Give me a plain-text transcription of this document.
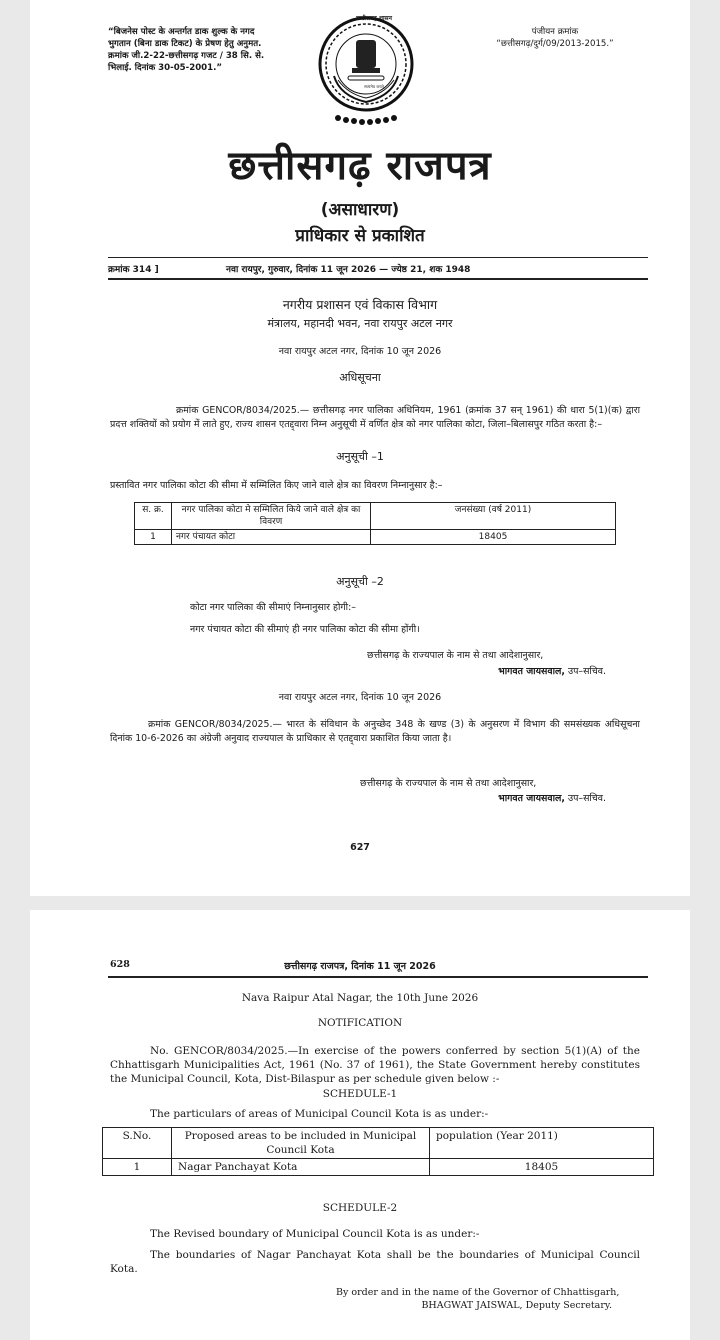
“बिजनेस पोस्ट के अन्तर्गत डाक शुल्क के नगद भुगतान (बिना डाक टिकट) के प्रेषण हेतु अनुमत. क्रमांक जी.2-22-छत्तीसगढ़ गजट / 38 सि. से. भिलाई. दिनांक 30-05-2001.”
पंजीयन क्रमांक
“छत्तीसगढ़/दुर्ग/09/2013-2015.”
छत्तीसगढ़ शासन
सत्यमेव जयते
छत्तीसगढ़ राजपत्र
(असाधारण)
प्राधिकार से प्रकाशित
क्रमांक 314 ]	नवा रायपुर, गुरुवार, दिनांक 11 जून 2026 — ज्येष्ठ 21, शक 1948
नगरीय प्रशासन एवं विकास विभाग
मंत्रालय, महानदी भवन, नवा रायपुर अटल नगर
नवा रायपुर अटल नगर, दिनांक 10 जून 2026
अधिसूचना
क्रमांक GENCOR/8034/2025.— छत्तीसगढ़ नगर पालिका अधिनियम, 1961 (क्रमांक 37 सन् 1961) की धारा 5(1)(क) द्वारा प्रदत्त शक्तियों को प्रयोग में लाते हुए, राज्य शासन एतद्द्वारा निम्न अनुसूची में वर्णित क्षेत्र को नगर पालिका कोटा, जिला–बिलासपुर गठित करता है:–
अनुसूची –1
प्रस्तावित नगर पालिका कोटा की सीमा में सम्मिलित किए जाने वाले क्षेत्र का विवरण निम्नानुसार है:–
स. क्र.	नगर पालिका कोटा मे सम्मिलित किये जाने वाले क्षेत्र का विवरण	जनसंख्या (वर्ष 2011)
1	नगर पंचायत कोटा	18405
अनुसूची –2
कोटा नगर पालिका की सीमाएं निम्नानुसार होगी:–
नगर पंचायत कोटा की सीमाएं ही नगर पालिका कोटा की सीमा होंगी।
छत्तीसगढ़ के राज्यपाल के नाम से तथा आदेशानुसार,
भागवत जायसवाल, उप–सचिव.
नवा रायपुर अटल नगर, दिनांक 10 जून 2026
क्रमांक GENCOR/8034/2025.— भारत के संविधान के अनुच्छेद 348 के खण्ड (3) के अनुसरण में विभाग की समसंख्यक अधिसूचना दिनांक 10-6-2026 का अंग्रेजी अनुवाद राज्यपाल के प्राधिकार से एतद्द्वारा प्रकाशित किया जाता है।
छत्तीसगढ़ के राज्यपाल के नाम से तथा आदेशानुसार,
भागवत जायसवाल, उप–सचिव.
627
628	छत्तीसगढ़ राजपत्र, दिनांक 11 जून 2026
Nava Raipur Atal Nagar, the 10th June 2026
NOTIFICATION
No. GENCOR/8034/2025.—In exercise of the powers conferred by section 5(1)(A) of the Chhattisgarh Municipalities Act, 1961 (No. 37 of 1961), the State Government hereby constitutes the Municipal Council, Kota, Dist-Bilaspur as per schedule given below :-
SCHEDULE-1
The particulars of areas of Municipal Council Kota is as under:-
S.No.	Proposed areas to be included in Municipal Council Kota	population (Year 2011)
1	Nagar Panchayat Kota	18405
SCHEDULE-2
The Revised boundary of Municipal Council Kota is as under:-
The boundaries of Nagar Panchayat Kota shall be the boundaries of Municipal Council Kota.
By order and in the name of the Governor of Chhattisgarh,
BHAGWAT JAISWAL, Deputy Secretary.
